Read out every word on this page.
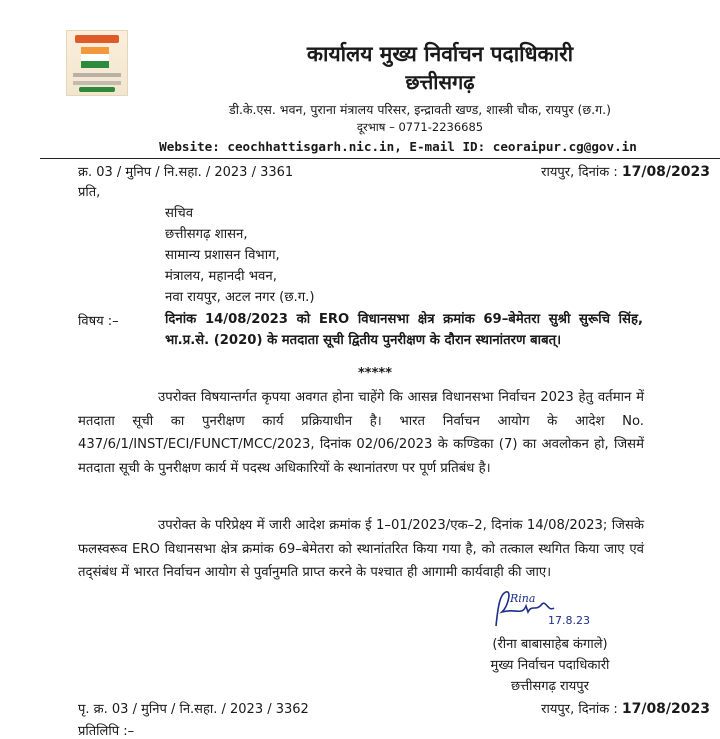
कार्यालय मुख्य निर्वाचन पदाधिकारी
छत्तीसगढ़
डी.के.एस. भवन, पुराना मंत्रालय परिसर, इन्द्रावती खण्ड, शास्त्री चौक, रायपुर (छ.ग.)
दूरभाष – 0771-2236685
Website: ceochhattisgarh.nic.in, E-mail ID: ceoraipur.cg@gov.in
क्र. 03 / मुनिप / नि.सहा. / 2023 / 3361	रायपुर, दिनांक : 17/08/2023
प्रति,
सचिव
छत्तीसगढ़ शासन,
सामान्य प्रशासन विभाग,
मंत्रालय, महानदी भवन,
नवा रायपुर, अटल नगर (छ.ग.)
विषय :–	दिनांक 14/08/2023 को ERO विधानसभा क्षेत्र क्रमांक 69–बेमेतरा सुश्री सुरूचि सिंह, भा.प्र.से. (2020) के मतदाता सूची द्वितीय पुनरीक्षण के दौरान स्थानांतरण बाबत्।
*****
उपरोक्त विषयान्तर्गत कृपया अवगत होना चाहेंगे कि आसन्न विधानसभा निर्वाचन 2023 हेतु वर्तमान में मतदाता सूची का पुनरीक्षण कार्य प्रक्रियाधीन है। भारत निर्वाचन आयोग के आदेश No. 437/6/1/INST/ECI/FUNCT/MCC/2023, दिनांक 02/06/2023 के कण्डिका (7) का अवलोकन हो, जिसमें मतदाता सूची के पुनरीक्षण कार्य में पदस्थ अधिकारियों के स्थानांतरण पर पूर्ण प्रतिबंध है।
उपरोक्त के परिप्रेक्ष्य में जारी आदेश क्रमांक ई 1–01/2023/एक–2, दिनांक 14/08/2023; जिसके फलस्वरूव ERO विधानसभा क्षेत्र क्रमांक 69–बेमेतरा को स्थानांतरित किया गया है, को तत्काल स्थगित किया जाए एवं तद्संबंध में भारत निर्वाचन आयोग से पुर्वानुमति प्राप्त करने के पश्चात ही आगामी कार्यवाही की जाए।
17.8.23
Rina
(रीना बाबासाहेब कंगाले)
मुख्य निर्वाचन पदाधिकारी
छत्तीसगढ़ रायपुर
पृ. क्र. 03 / मुनिप / नि.सहा. / 2023 / 3362	रायपुर, दिनांक : 17/08/2023
प्रतिलिपि :–
